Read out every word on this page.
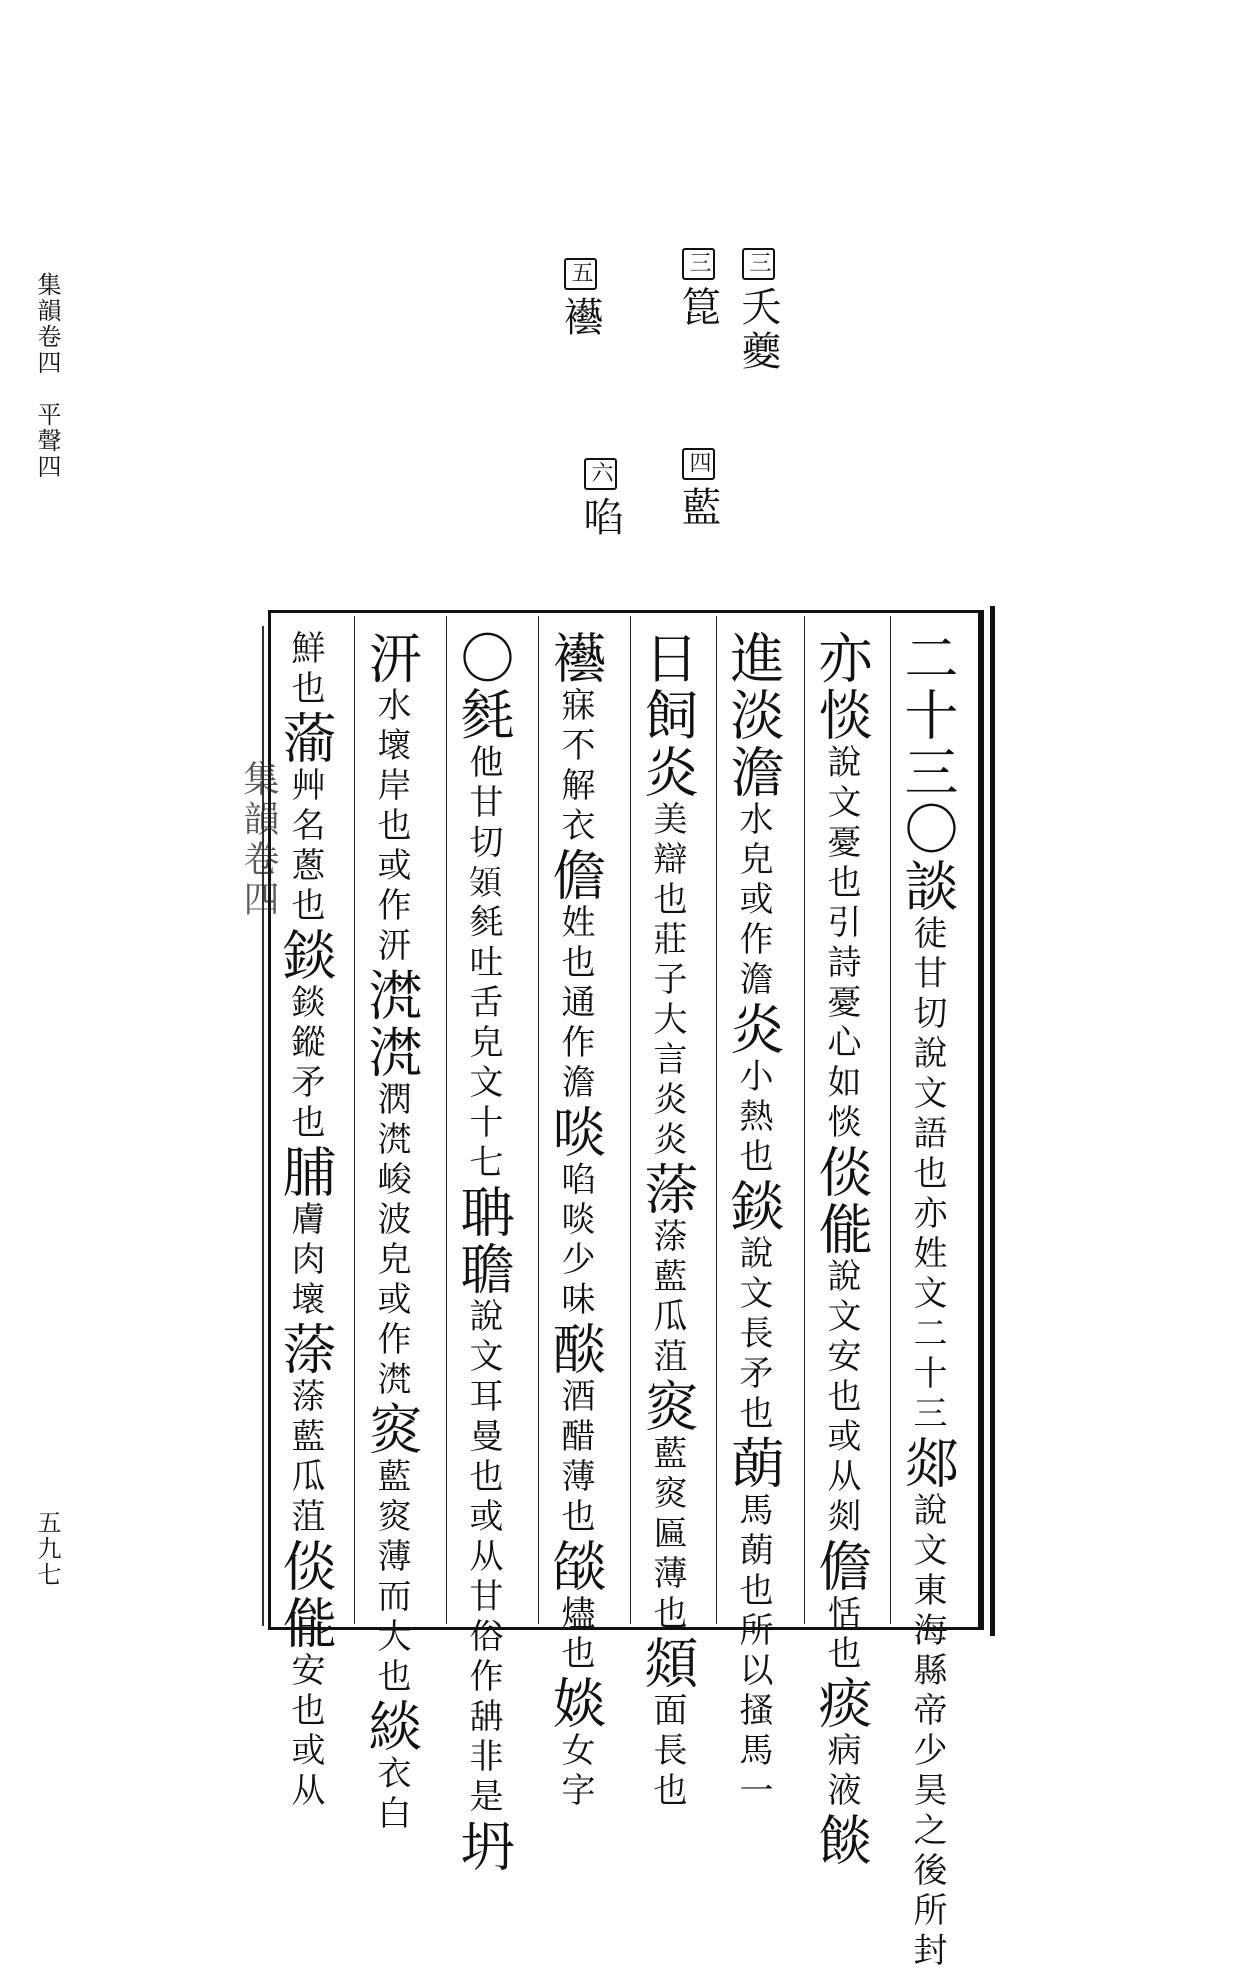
集韻卷四　平聲四
五九七
三夭夔
三箟
四藍
五襼
六啗
集韻卷四	二十三〇談徒甘切說文語也亦姓文二十三郯說文東海縣帝少昊之後所封
亦惔說文憂也引詩憂心如惔倓㑷說文安也或从剡儋恬也痰病液餤
進淡澹水皃或作澹炎小熱也錟說文長矛也蓢馬蓢也所以搔馬一
日飼炎美辯也莊子大言炎炎蒤蒤藍瓜菹䆦藍䆦匾薄也顃面長也
襼寐不解衣儋姓也通作澹啖啗啖少味醈酒醋薄也燄燼也婒女字
〇毵他甘切𩑦毵吐舌皃文十七聃聸說文耳曼也或从甘俗作舑非是坍
汧水壞岸也或作汧滼滼㴸滼峻波皃或作滼䆦藍䆦薄而大也緂衣白
鮮也蕍艸名蔥也錟錟鏦矛也脯膚肉壞蒤蒤藍瓜菹倓㑷安也或从
